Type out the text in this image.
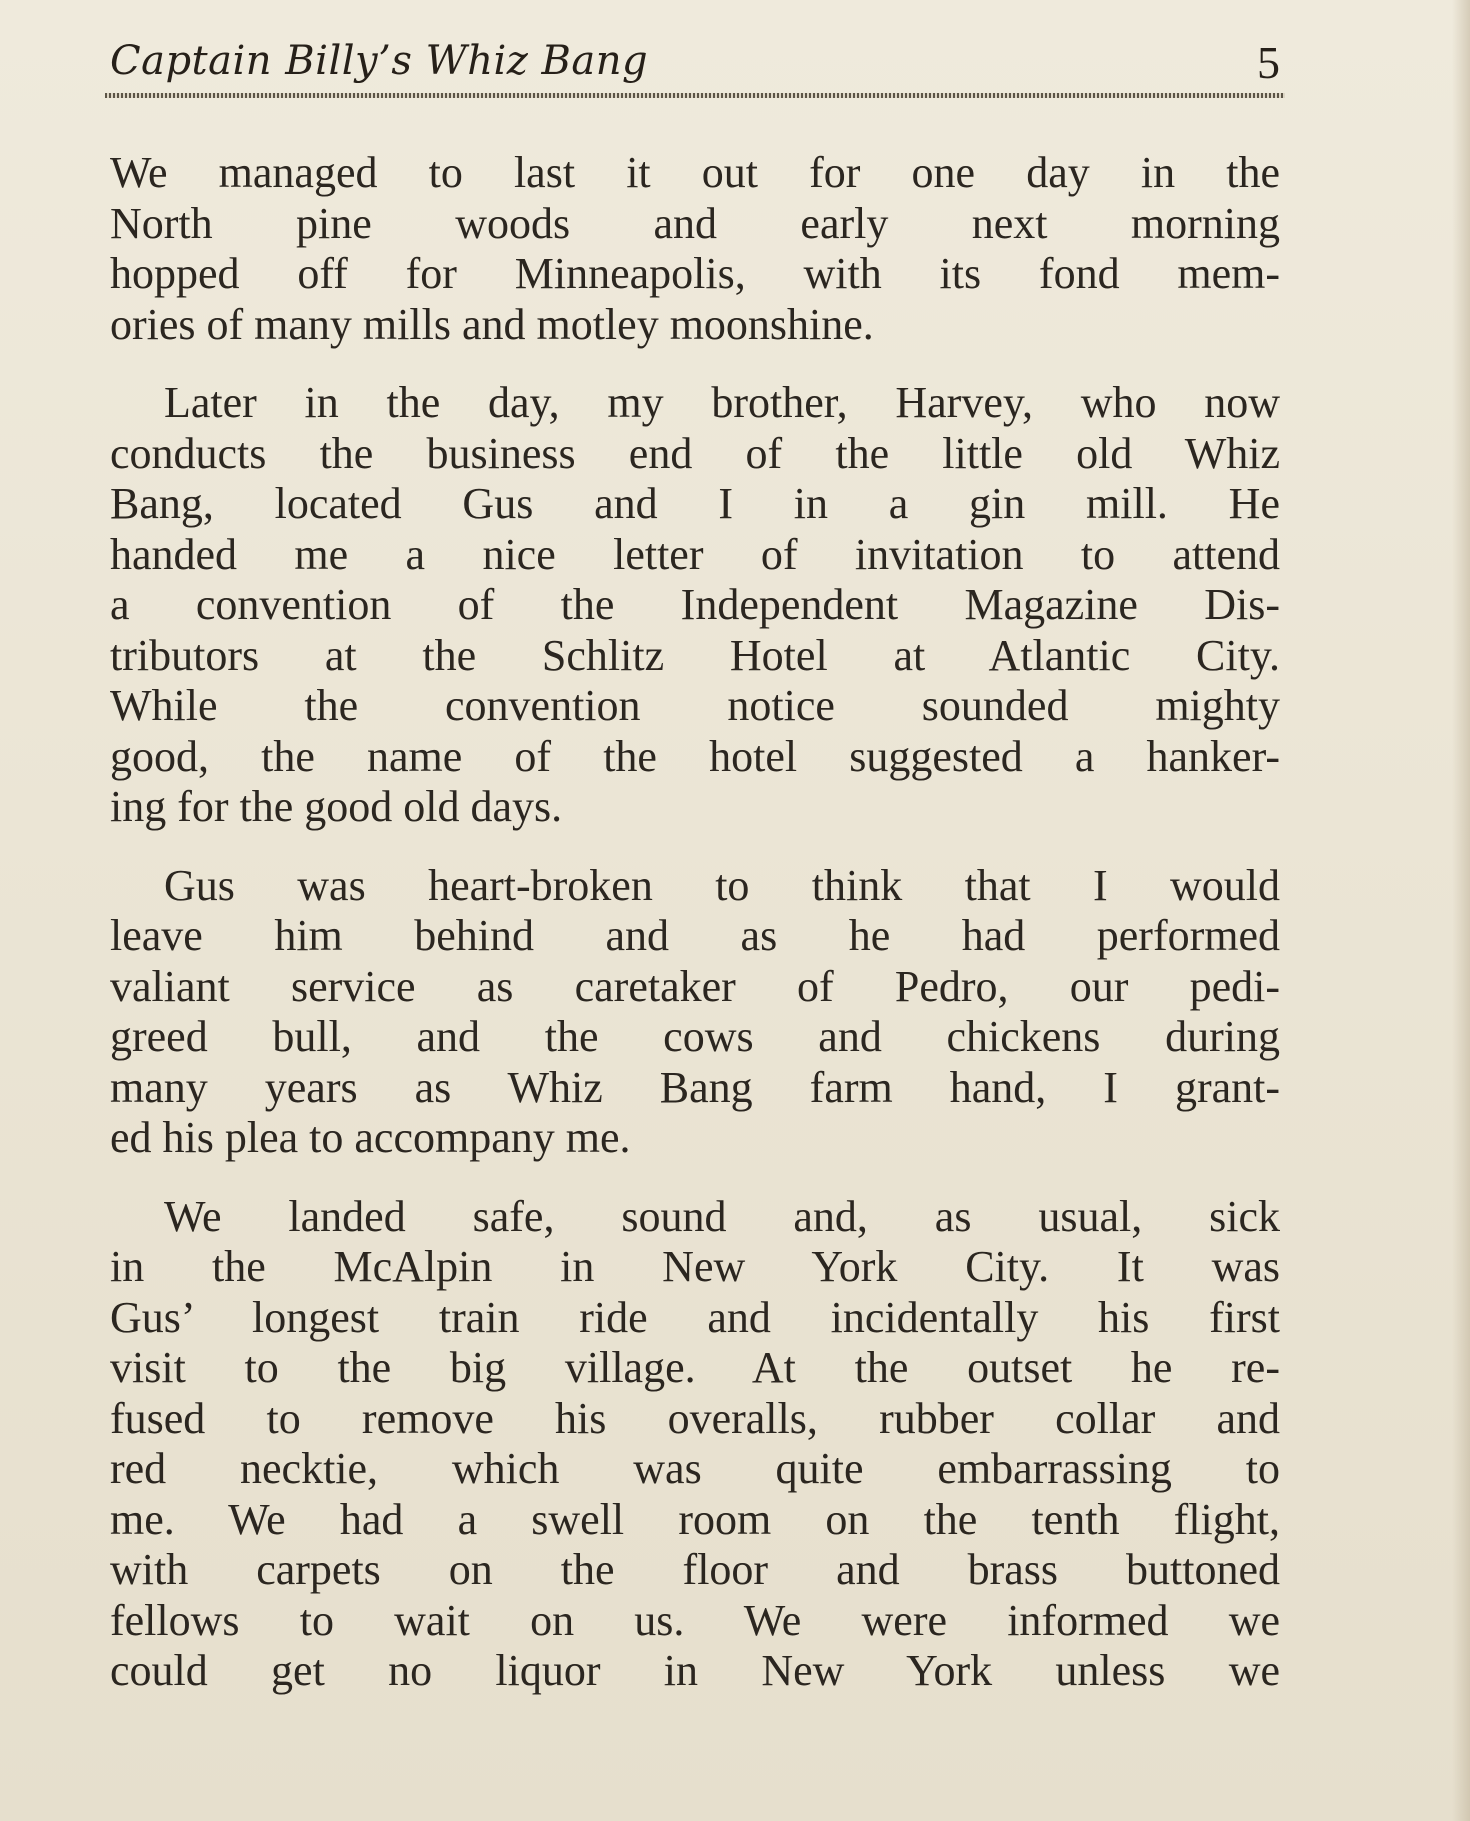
Captain Billy’s Whiz Bang	5
We managed to last it out for one day in the
North pine woods and early next morning
hopped off for Minneapolis, with its fond mem-
ories of many mills and motley moonshine.
Later in the day, my brother, Harvey, who now
conducts the business end of the little old Whiz
Bang, located Gus and I in a gin mill. He
handed me a nice letter of invitation to attend
a convention of the Independent Magazine Dis-
tributors at the Schlitz Hotel at Atlantic City.
While the convention notice sounded mighty
good, the name of the hotel suggested a hanker-
ing for the good old days.
Gus was heart-broken to think that I would
leave him behind and as he had performed
valiant service as caretaker of Pedro, our pedi-
greed bull, and the cows and chickens during
many years as Whiz Bang farm hand, I grant-
ed his plea to accompany me.
We landed safe, sound and, as usual, sick
in the McAlpin in New York City. It was
Gus’ longest train ride and incidentally his first
visit to the big village. At the outset he re-
fused to remove his overalls, rubber collar and
red necktie, which was quite embarrassing to
me. We had a swell room on the tenth flight,
with carpets on the floor and brass buttoned
fellows to wait on us. We were informed we
could get no liquor in New York unless we
